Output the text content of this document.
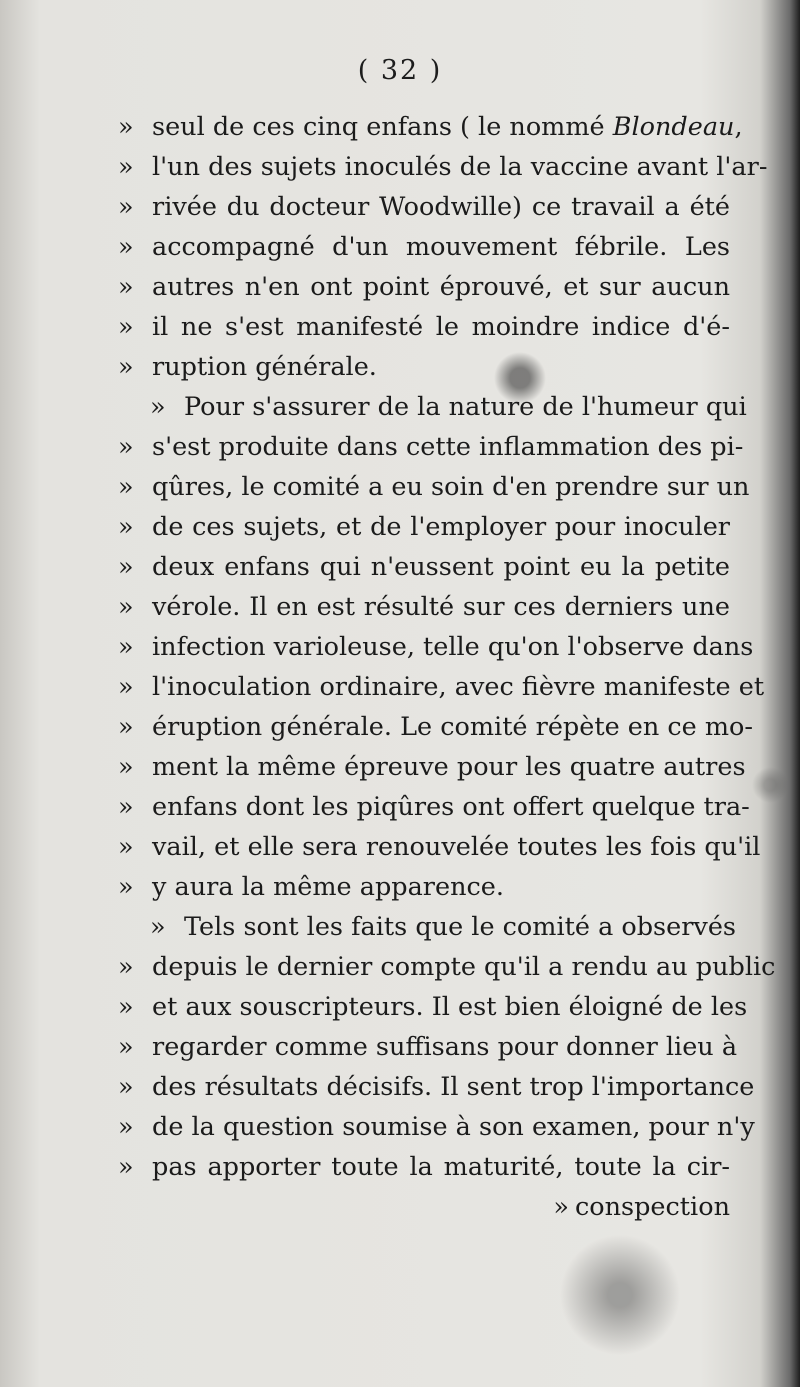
( 32 )
» seul de ces cinq enfans ( le nommé Blondeau,
» l'un des sujets inoculés de la vaccine avant l'ar-
» rivée du docteur Woodwille) ce travail a été
» accompagné d'un mouvement fébrile. Les
» autres n'en ont point éprouvé, et sur aucun
» il ne s'est manifesté le moindre indice d'é-
» ruption générale.
» Pour s'assurer de la nature de l'humeur qui
» s'est produite dans cette inflammation des pi-
» qûres, le comité a eu soin d'en prendre sur un
» de ces sujets, et de l'employer pour inoculer
» deux enfans qui n'eussent point eu la petite
» vérole. Il en est résulté sur ces derniers une
» infection varioleuse, telle qu'on l'observe dans
» l'inoculation ordinaire, avec fièvre manifeste et
» éruption générale. Le comité répète en ce mo-
» ment la même épreuve pour les quatre autres
» enfans dont les piqûres ont offert quelque tra-
» vail, et elle sera renouvelée toutes les fois qu'il
» y aura la même apparence.
» Tels sont les faits que le comité a observés
» depuis le dernier compte qu'il a rendu au public
» et aux souscripteurs. Il est bien éloigné de les
» regarder comme suffisans pour donner lieu à
» des résultats décisifs. Il sent trop l'importance
» de la question soumise à son examen, pour n'y
» pas apporter toute la maturité, toute la cir-
» conspection
